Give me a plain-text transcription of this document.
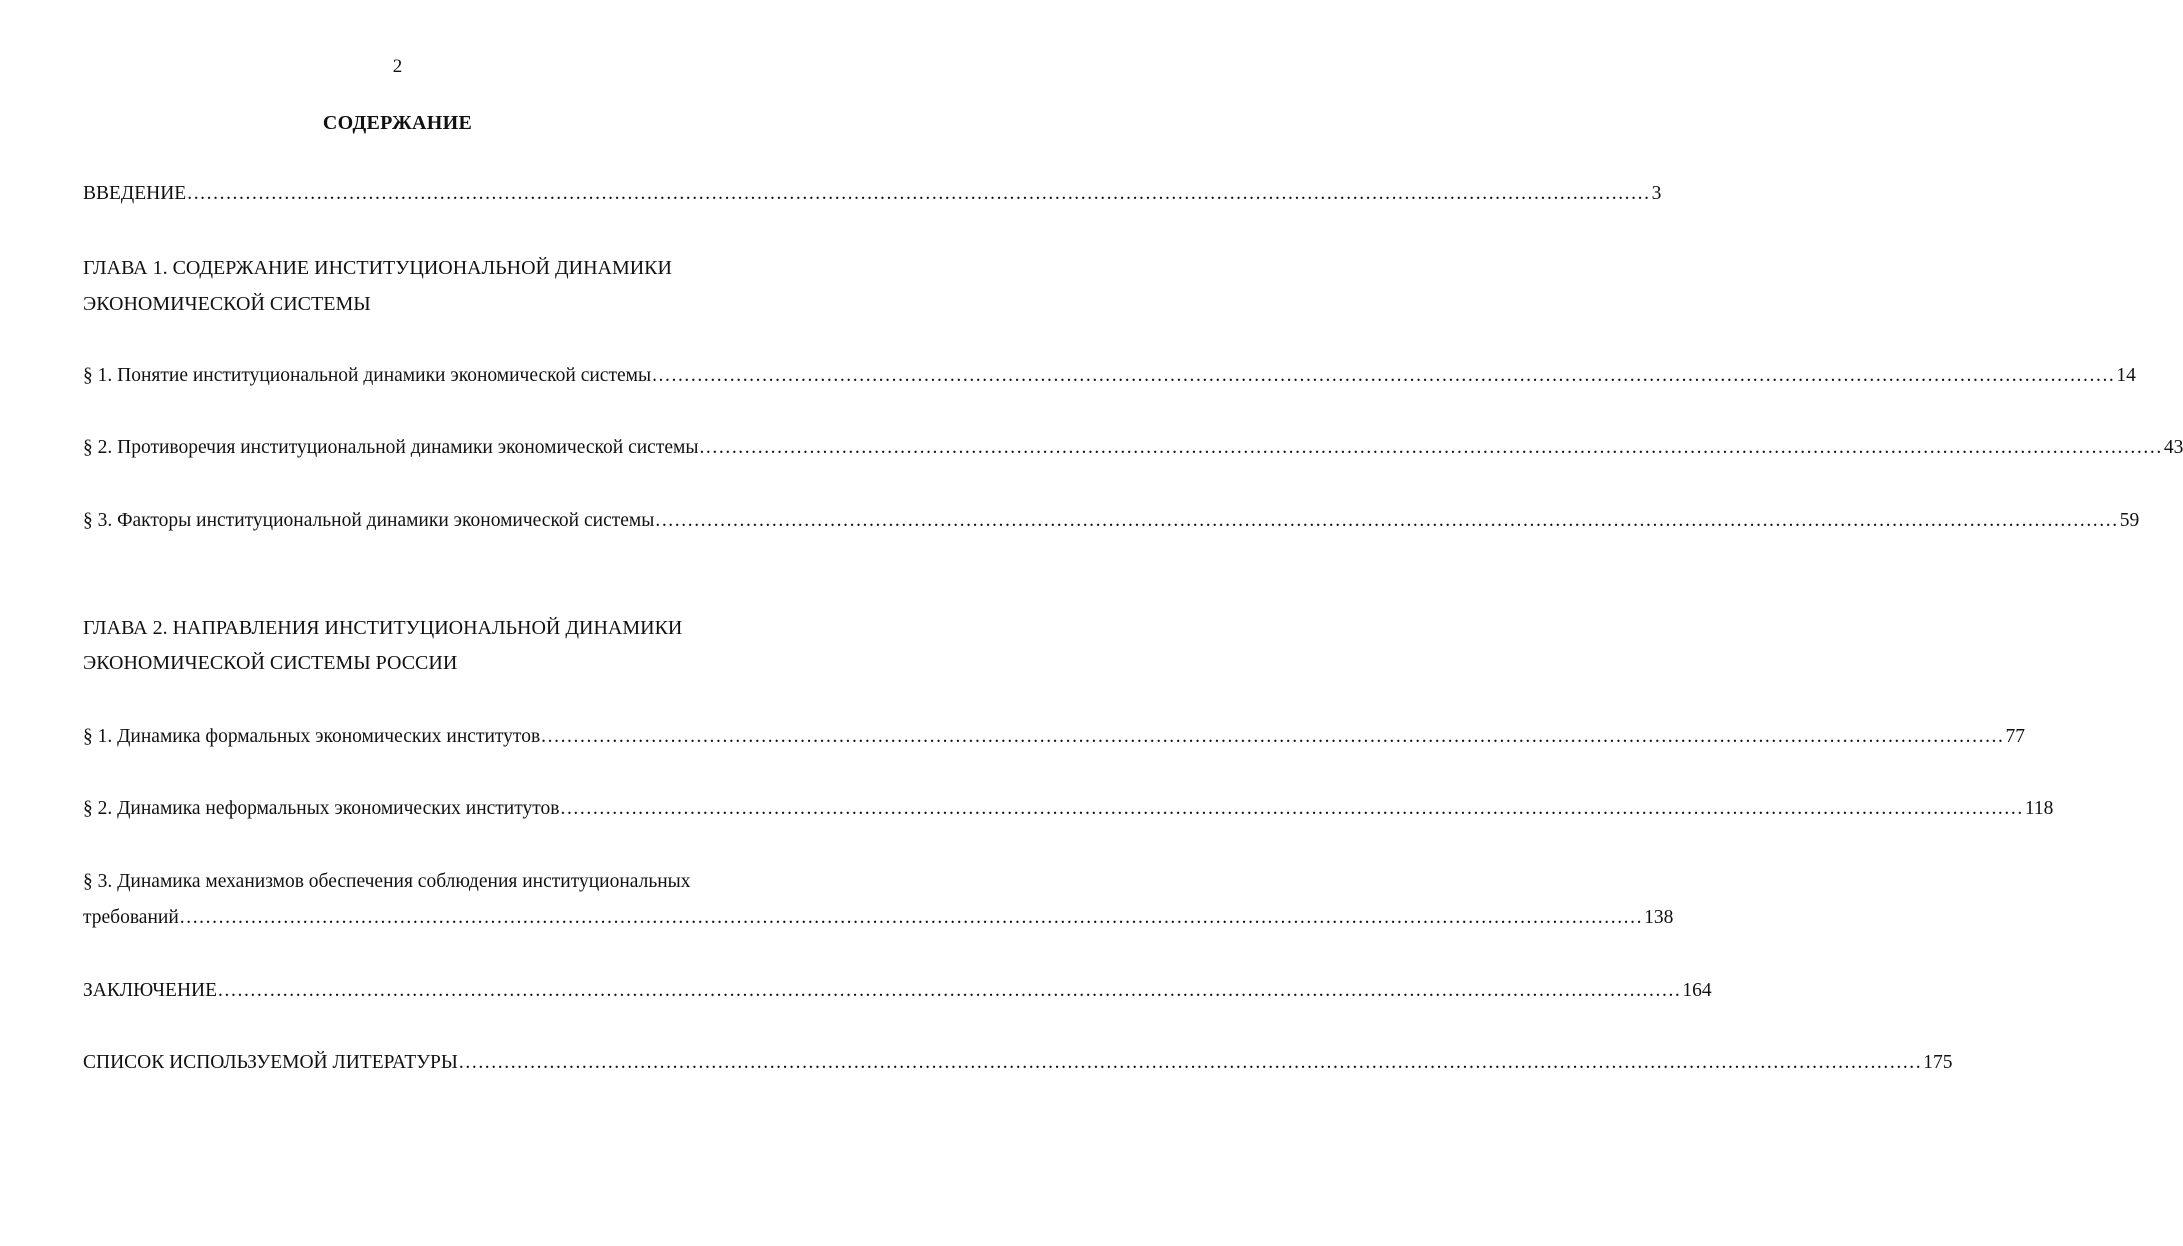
2
СОДЕРЖАНИЕ
ВВЕДЕНИЕ .................................................................................................................................................................................................................................. 3
ГЛАВА 1. СОДЕРЖАНИЕ ИНСТИТУЦИОНАЛЬНОЙ ДИНАМИКИ
ЭКОНОМИЧЕСКОЙ СИСТЕМЫ
§ 1. Понятие институциональной динамики экономической системы .................................................................................................................................................................................................................................. 14
§ 2. Противоречия институциональной динамики экономической системы .................................................................................................................................................................................................................................. 43
§ 3. Факторы институциональной динамики экономической системы .................................................................................................................................................................................................................................. 59
ГЛАВА 2. НАПРАВЛЕНИЯ ИНСТИТУЦИОНАЛЬНОЙ ДИНАМИКИ
ЭКОНОМИЧЕСКОЙ СИСТЕМЫ РОССИИ
§ 1. Динамика формальных экономических институтов .................................................................................................................................................................................................................................. 77
§ 2. Динамика неформальных экономических институтов .................................................................................................................................................................................................................................. 118
§ 3. Динамика механизмов обеспечения соблюдения институциональных
требований .................................................................................................................................................................................................................................. 138
ЗАКЛЮЧЕНИЕ .................................................................................................................................................................................................................................. 164
СПИСОК ИСПОЛЬЗУЕМОЙ ЛИТЕРАТУРЫ .................................................................................................................................................................................................................................. 175
